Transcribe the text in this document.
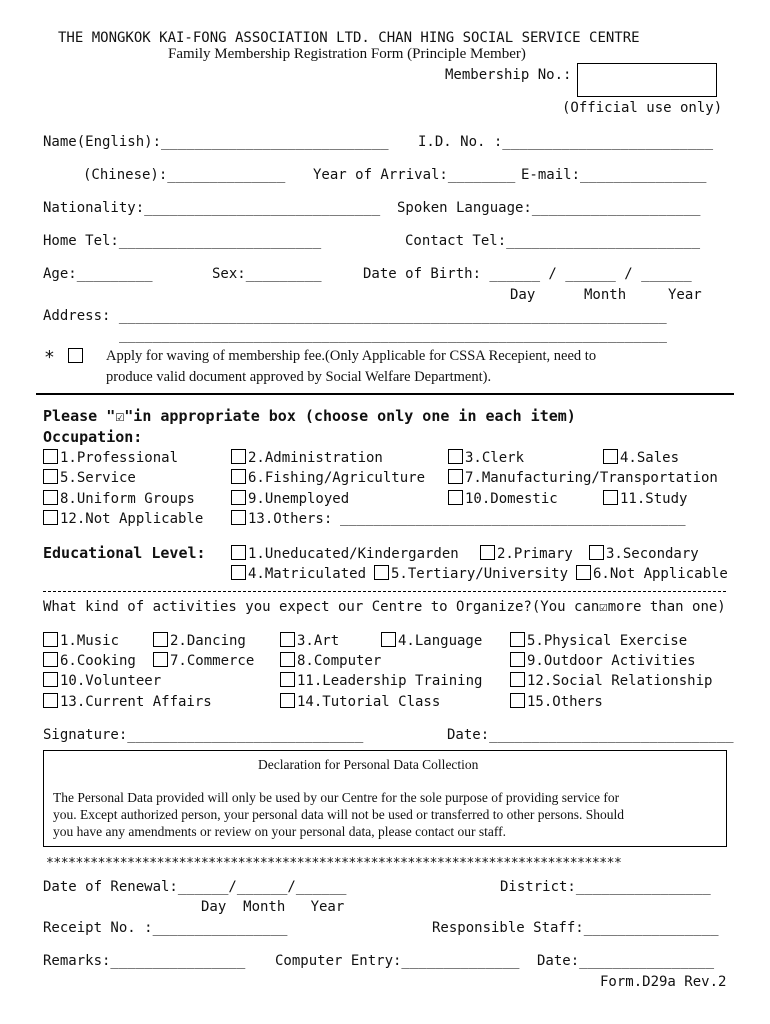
THE MONGKOK KAI-FONG ASSOCIATION LTD. CHAN HING SOCIAL SERVICE CENTRE
Family Membership Registration Form (Principle Member)
Membership No.:
(Official use only)
Name(English):___________________________ I.D. No. :_________________________
(Chinese):______________ Year of Arrival:________ E-mail:_______________
Nationality:____________________________ Spoken Language:____________________
Home Tel:________________________	Contact Tel:_______________________
Age:_________	Sex:_________	Date of Birth: ______ / ______ / ______
Day	Month	Year
Address: _________________________________________________________________
_________________________________________________________________
*	Apply for waving of membership fee.(Only Applicable for CSSA Recepient, need to
produce valid document approved by Social Welfare Department).
Please "☑"in appropriate box (choose only one in each item)
Occupation:
1.Professional	2.Administration	3.Clerk	4.Sales
5.Service	6.Fishing/Agriculture	7.Manufacturing/Transportation
8.Uniform Groups	9.Unemployed	10.Domestic	11.Study
12.Not Applicable	13.Others: _________________________________________
Educational Level:	1.Uneducated/Kindergarden	2.Primary	3.Secondary
4.Matriculated	5.Tertiary/University	6.Not Applicable
What kind of activities you expect our Centre to Organize?(You can☑more than one)
1.Music	2.Dancing	3.Art	4.Language	5.Physical Exercise
6.Cooking	7.Commerce	8.Computer	9.Outdoor Activities
10.Volunteer	11.Leadership Training	12.Social Relationship
13.Current Affairs	14.Tutorial Class	15.Others
Signature:____________________________	Date:_____________________________
Declaration for Personal Data Collection
The Personal Data provided will only be used by our Centre for the sole purpose of providing service for
you. Except authorized person, your personal data will not be used or transferred to other persons. Should
you have any amendments or review on your personal data, please contact our staff.
******************************************************************************
Date of Renewal:______/______/______
Day  Month   Year
District:________________
Receipt No. :________________	Responsible Staff:________________
Remarks:________________ Computer Entry:______________ Date:________________
Form.D29a Rev.2
